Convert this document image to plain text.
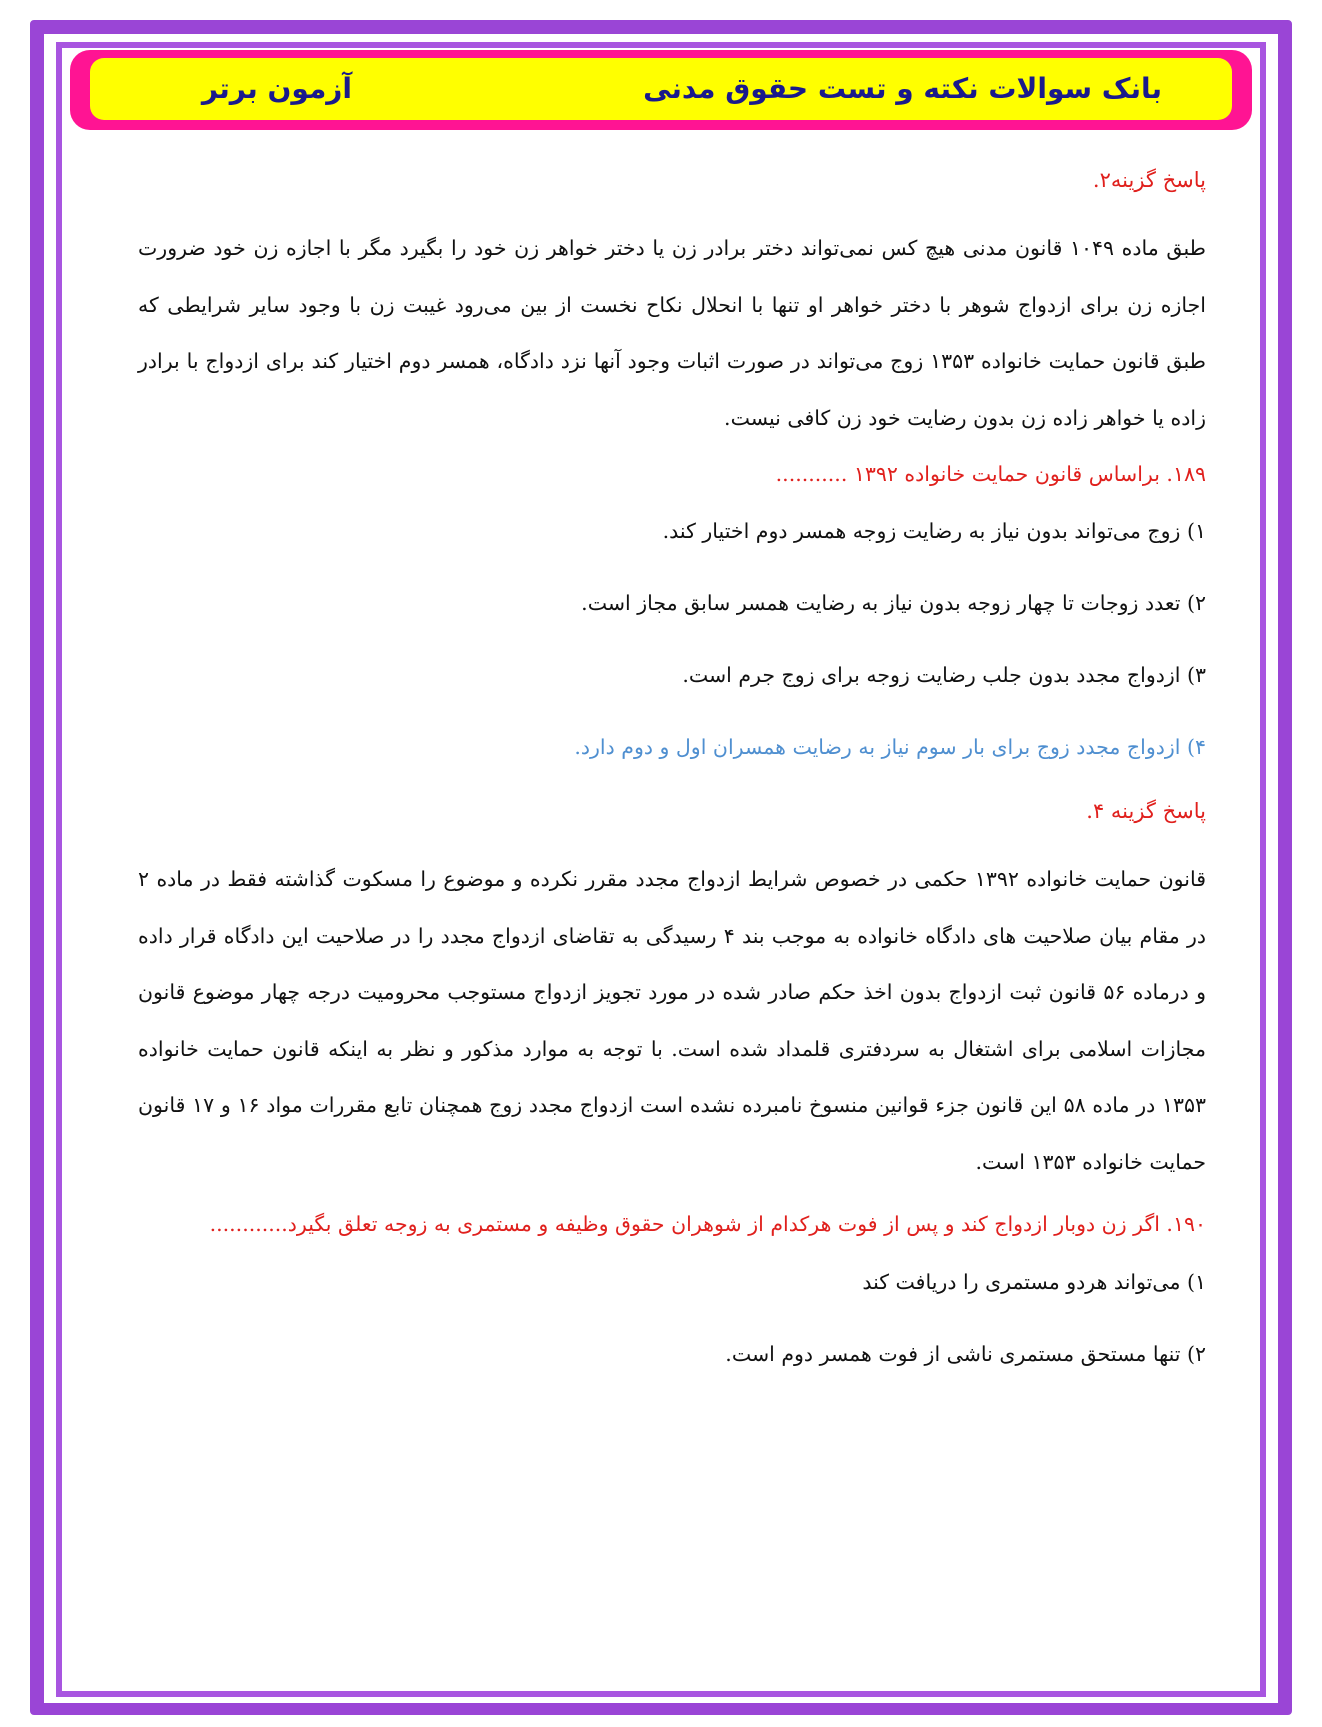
بانک سوالات نکته و تست حقوق مدنی
آزمون برتر

پاسخ گزینه۲.

طبق ماده ۱۰۴۹ قانون مدنی هیچ کس نمی‌تواند دختر برادر زن یا دختر خواهر زن خود را بگیرد مگر با اجازه زن خود ضرورت اجازه زن برای ازدواج شوهر با دختر خواهر او تنها با انحلال نکاح نخست از بین می‌رود غیبت زن با وجود سایر شرایطی که طبق قانون حمایت خانواده ۱۳۵۳ زوج می‌تواند در صورت اثبات وجود آنها نزد دادگاه، همسر دوم اختیار کند برای ازدواج با برادر زاده یا خواهر زاده زن بدون رضایت خود زن کافی نیست.

۱۸۹. براساس قانون حمایت خانواده ۱۳۹۲ ...........

۱) زوج می‌تواند بدون نیاز به رضایت زوجه همسر دوم اختیار کند.

۲) تعدد زوجات تا چهار زوجه بدون نیاز به رضایت همسر سابق مجاز است.

۳) ازدواج مجدد بدون جلب رضایت زوجه برای زوج جرم است.

۴) ازدواج مجدد زوج برای بار سوم نیاز به رضایت همسران اول و دوم دارد.

پاسخ گزینه ۴.

قانون حمایت خانواده ۱۳۹۲ حکمی در خصوص شرایط ازدواج مجدد مقرر نکرده و موضوع را مسکوت گذاشته فقط در ماده ۲ در مقام بیان صلاحیت های دادگاه خانواده به موجب بند ۴ رسیدگی به تقاضای ازدواج مجدد را در صلاحیت این دادگاه قرار داده و درماده ۵۶ قانون ثبت ازدواج بدون اخذ حکم صادر شده در مورد تجویز ازدواج مستوجب محرومیت درجه چهار موضوع قانون مجازات اسلامی برای اشتغال به سردفتری قلمداد شده است. با توجه به موارد مذکور و نظر به اینکه قانون حمایت خانواده ۱۳۵۳ در ماده ۵۸ این قانون جزء قوانین منسوخ نامبرده نشده است ازدواج مجدد زوج همچنان تابع مقررات مواد ۱۶ و ۱۷ قانون حمایت خانواده ۱۳۵۳ است.

۱۹۰. اگر زن دوبار ازدواج کند و پس از فوت هرکدام از شوهران حقوق وظیفه و مستمری به زوجه تعلق بگیرد............

۱) می‌تواند هردو مستمری را دریافت کند

۲) تنها مستحق مستمری ناشی از فوت همسر دوم است.
